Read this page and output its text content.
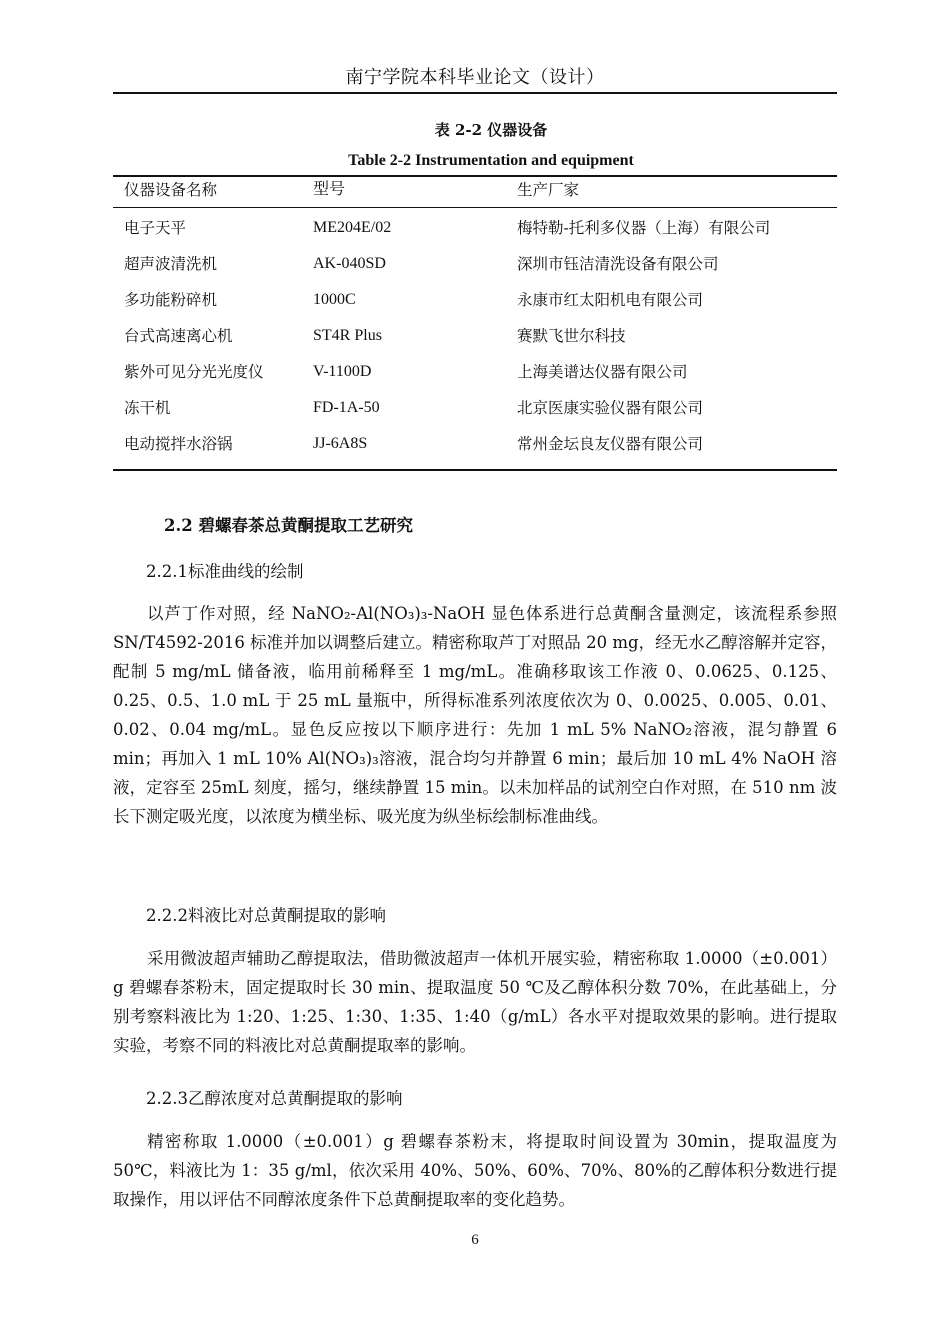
南宁学院本科毕业论文（设计）
表 2-2 仪器设备
Table 2-2 Instrumentation and equipment
仪器设备名称	型号	生产厂家
电子天平	ME204E/02	梅特勒-托利多仪器（上海）有限公司
超声波清洗机	AK-040SD	深圳市钰洁清洗设备有限公司
多功能粉碎机	1000C	永康市红太阳机电有限公司
台式高速离心机	ST4R Plus	赛默飞世尔科技
紫外可见分光光度仪	V-1100D	上海美谱达仪器有限公司
冻干机	FD-1A-50	北京医康实验仪器有限公司
电动搅拌水浴锅	JJ-6A8S	常州金坛良友仪器有限公司
2.2 碧螺春茶总黄酮提取工艺研究
2.2.1标准曲线的绘制

以芦丁作对照，经 NaNO₂-Al(NO₃)₃-NaOH 显色体系进行总黄酮含量测定，该流程系参照 SN/T4592-2016 标准并加以调整后建立。精密称取芦丁对照品 20 mg，经无水乙醇溶解并定容，配制 5 mg/mL 储备液，临用前稀释至 1 mg/mL。准确移取该工作液 0、0.0625、0.125、0.25、0.5、1.0 mL 于 25 mL 量瓶中，所得标准系列浓度依次为 0、0.0025、0.005、0.01、0.02、0.04 mg/mL。显色反应按以下顺序进行：先加 1 mL 5% NaNO₂溶液，混匀静置 6 min；再加入 1 mL 10% Al(NO₃)₃溶液，混合均匀并静置 6 min；最后加 10 mL 4% NaOH 溶液，定容至 25mL 刻度，摇匀，继续静置 15 min。以未加样品的试剂空白作对照，在 510 nm 波长下测定吸光度，以浓度为横坐标、吸光度为纵坐标绘制标准曲线。

2.2.2料液比对总黄酮提取的影响

采用微波超声辅助乙醇提取法，借助微波超声一体机开展实验，精密称取 1.0000（±0.001）g 碧螺春茶粉末，固定提取时长 30 min、提取温度 50 ℃及乙醇体积分数 70%，在此基础上，分别考察料液比为 1:20、1:25、1:30、1:35、1:40（g/mL）各水平对提取效果的影响。进行提取实验，考察不同的料液比对总黄酮提取率的影响。

2.2.3乙醇浓度对总黄酮提取的影响

精密称取 1.0000（±0.001）g 碧螺春茶粉末，将提取时间设置为 30min，提取温度为 50℃，料液比为 1：35 g/ml，依次采用 40%、50%、60%、70%、80%的乙醇体积分数进行提取操作，用以评估不同醇浓度条件下总黄酮提取率的变化趋势。

6
